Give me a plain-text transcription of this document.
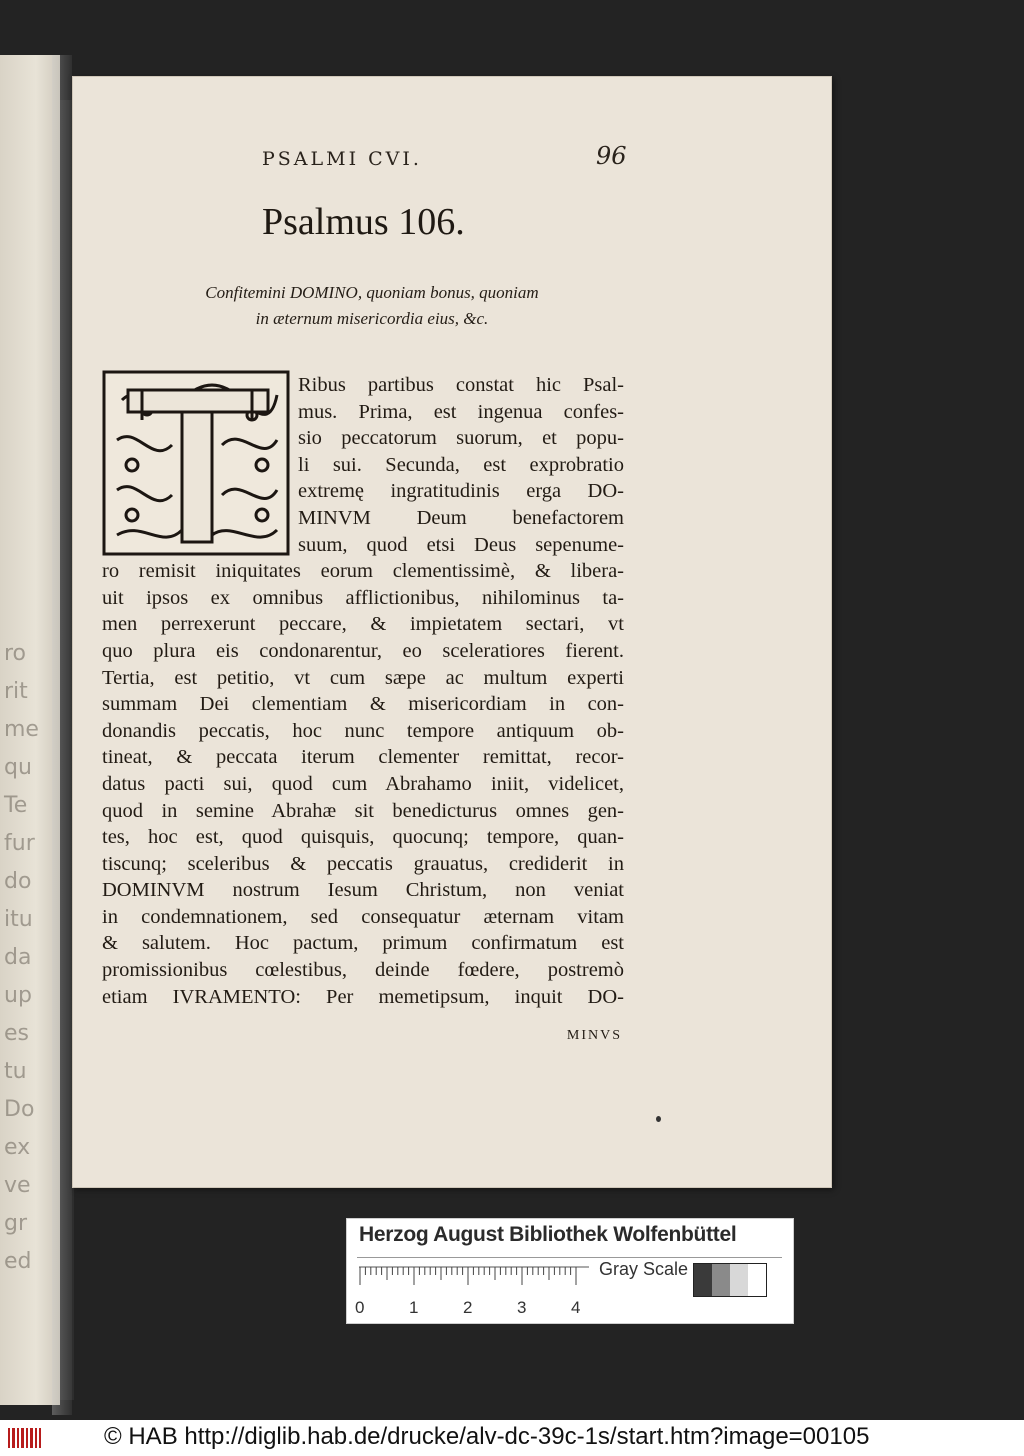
ro
rit
me
qu
Te
fur
do
itu
da
up
es
tu
Do
ex
ve
gr
ed
PSALMI CVI.	96
Psalmus 106.
Confitemini DOMINO, quoniam bonus, quoniam
in æternum misericordia eius, &c.
Ribus partibus constat hic Psal-
mus. Prima, est ingenua confes-
sio peccatorum suorum, et popu-
li sui. Secunda, est exprobratio
extremę ingratitudinis erga DO-
MINVM Deum benefactorem
suum, quod etsi Deus sepenume-
ro remisit iniquitates eorum clementissimè, & libera-
uit ipsos ex omnibus afflictionibus, nihilominus ta-
men perrexerunt peccare, & impietatem sectari, vt
quo plura eis condonarentur, eo sceleratiores fierent.
Tertia, est petitio, vt cum sæpe ac multum experti
summam Dei clementiam & misericordiam in con-
donandis peccatis, hoc nunc tempore antiquum ob-
tineat, & peccata iterum clementer remittat, recor-
datus pacti sui, quod cum Abrahamo iniit, videlicet,
quod in semine Abrahæ sit benedicturus omnes gen-
tes, hoc est, quod quisquis, quocunq; tempore, quan-
tiscunq; sceleribus & peccatis grauatus, crediderit in
DOMINVM nostrum Iesum Christum, non veniat
in condemnationem, sed consequatur æternam vitam
& salutem. Hoc pactum, primum confirmatum est
promissionibus cœlestibus, deinde fœdere, postremò
etiam IVRAMENTO: Per memetipsum, inquit DO-
MINVS
Herzog August Bibliothek Wolfenbüttel
0	1	2	3	4
Gray Scale
© HAB http://diglib.hab.de/drucke/alv-dc-39c-1s/start.htm?image=00105
